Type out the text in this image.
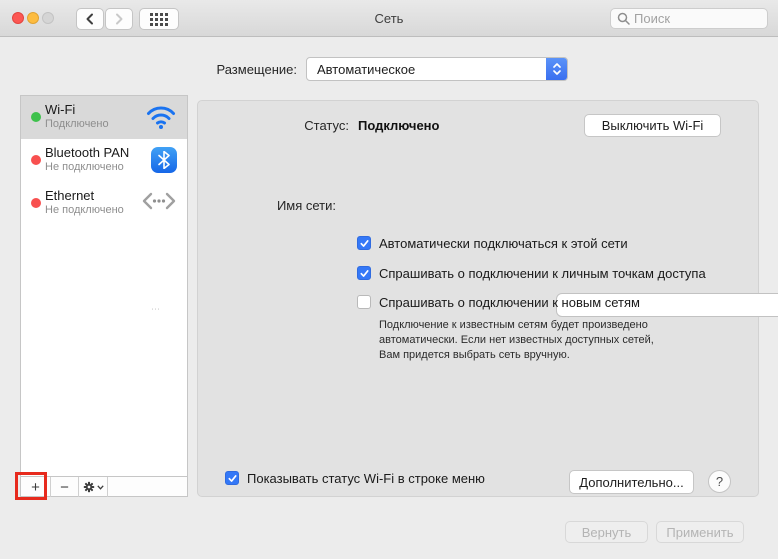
Сеть	Поиск
Размещение:	Автоматическое
Wi-Fi
Подключено
Bluetooth PAN
Не подключено
Ethernet
Не подключено
⋯
+	−
Статус: Подключено	Выключить Wi-Fi
Имя сети:
Автоматически подключаться к этой сети
Спрашивать о подключении к личным точкам доступа
Спрашивать о подключении к новым сетям
Подключение к известным сетям будет произведено автоматически. Если нет известных доступных сетей, Вам придется выбрать сеть вручную.
Показывать статус Wi-Fi в строке меню	Дополнительно...	?
Вернуть	Применить
